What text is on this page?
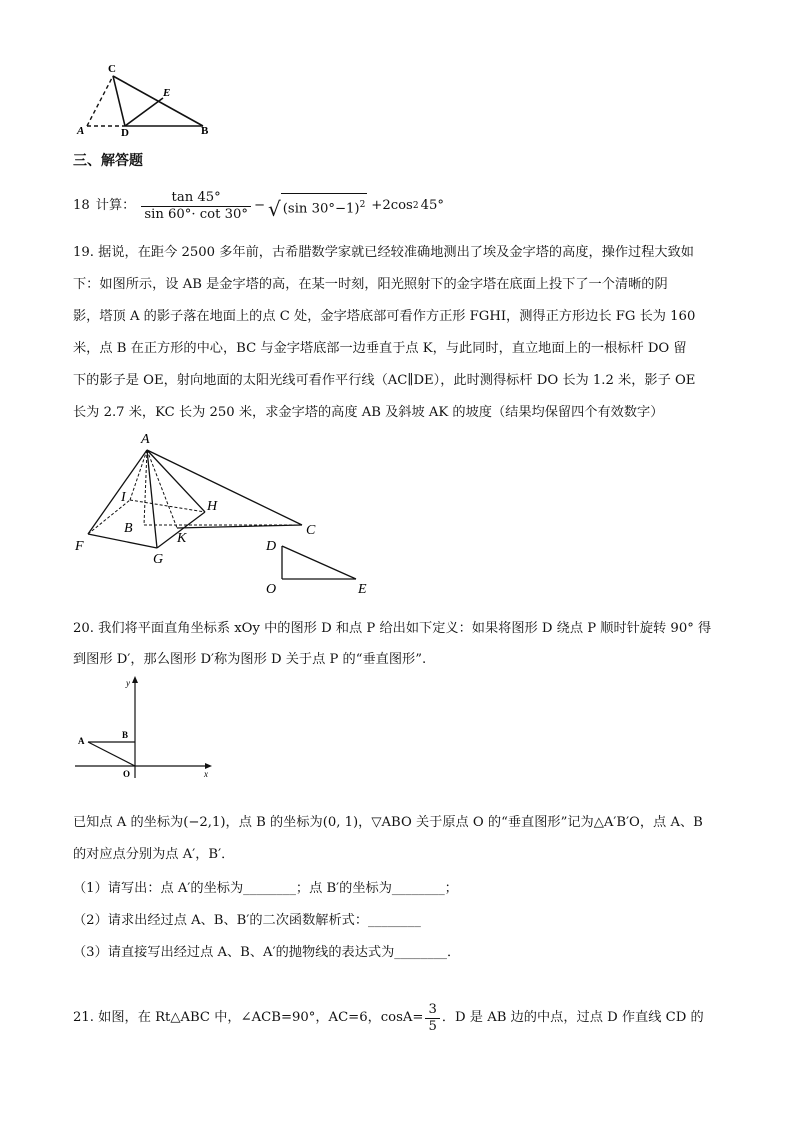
C
E
A	D	B
三、解答题
18 计算： $\frac{\tan 45^\circ}{\sin 60^\circ\cdot \cot 30^\circ}$ − √ (sin 30°−1)$^2$ +2cos 2 45°
19. 据说，在距今 2500 多年前，古希腊数学家就已经较准确地测出了埃及金字塔的高度，操作过程大致如
下：如图所示，设 AB 是金字塔的高，在某一时刻，阳光照射下的金字塔在底面上投下了一个清晰的阴
影，塔顶 A 的影子落在地面上的点 C 处，金字塔底部可看作方正形 FGHI，测得正方形边长 FG 长为 160
米，点 B 在正方形的中心，BC 与金字塔底部一边垂直于点 K，与此同时，直立地面上的一根标杆 DO 留
下的影子是 OE，射向地面的太阳光线可看作平行线（AC∥DE），此时测得标杆 DO 长为 1.2 米，影子 OE
长为 2.7 米，KC 长为 250 米，求金字塔的高度 AB 及斜坡 AK 的坡度（结果均保留四个有效数字）
A
I
H
B	C
K
F
G
D
O	E
20. 我们将平面直角坐标系 xOy 中的图形 D 和点 P 给出如下定义：如果将图形 D 绕点 P 顺时针旋转 90° 得
到图形 D′，那么图形 D′称为图形 D 关于点 P 的“垂直图形”.
y
A
B
O	x
已知点 A 的坐标为(−2,1)，点 B 的坐标为(0, 1)，▽ABO 关于原点 O 的“垂直图形”记为△A′B′O，点 A、B
的对应点分别为点 A′，B′．
（1）请写出：点 A′的坐标为________；点 B′的坐标为________；
（2）请求出经过点 A、B、B′的二次函数解析式：________
（3）请直接写出经过点 A、B、A′的抛物线的表达式为________．
21. 如图，在 Rt△ABC 中，∠ACB=90°，AC=6，$\cos A= \frac{3}{5}$ ．D 是 AB 边的中点，过点 D 作直线 CD 的
